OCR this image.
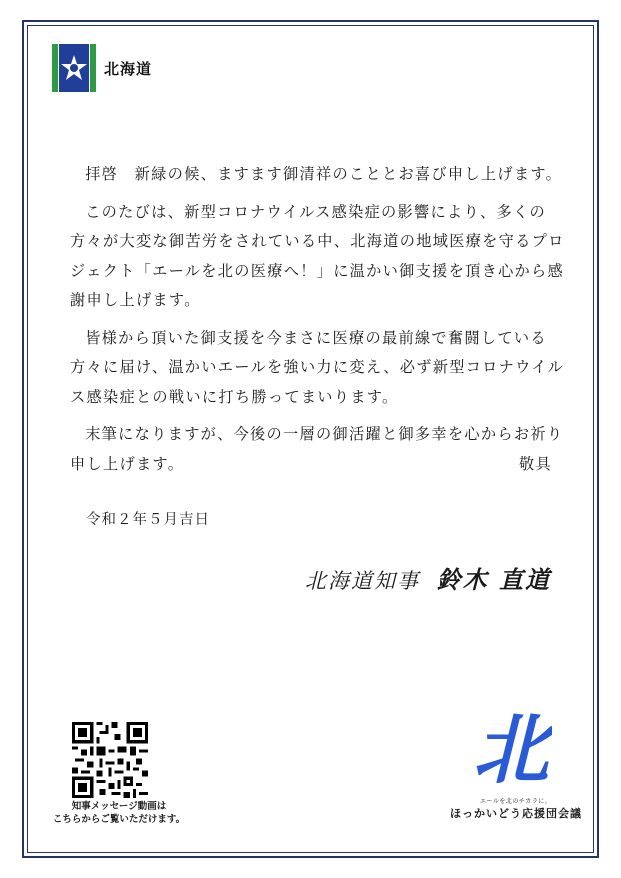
北海道

拝啓　新緑の候、ますます御清祥のこととお喜び申し上げます。

このたびは、新型コロナウイルス感染症の影響により、多くの方々が大変な御苦労をされている中、北海道の地域医療を守るプロジェクト「エールを北の医療へ！」に温かい御支援を頂き心から感謝申し上げます。

皆様から頂いた御支援を今まさに医療の最前線で奮闘している方々に届け、温かいエールを強い力に変え、必ず新型コロナウイルス感染症との戦いに打ち勝ってまいります。

末筆になりますが、今後の一層の御活躍と御多幸を心からお祈り申し上げます。	敬具
令和２年５月吉日
北海道知事 鈴木 直道
知事メッセージ動画は
こちらからご覧いただけます。
北
エールを北のチカラに。
ほっかいどう応援団会議
